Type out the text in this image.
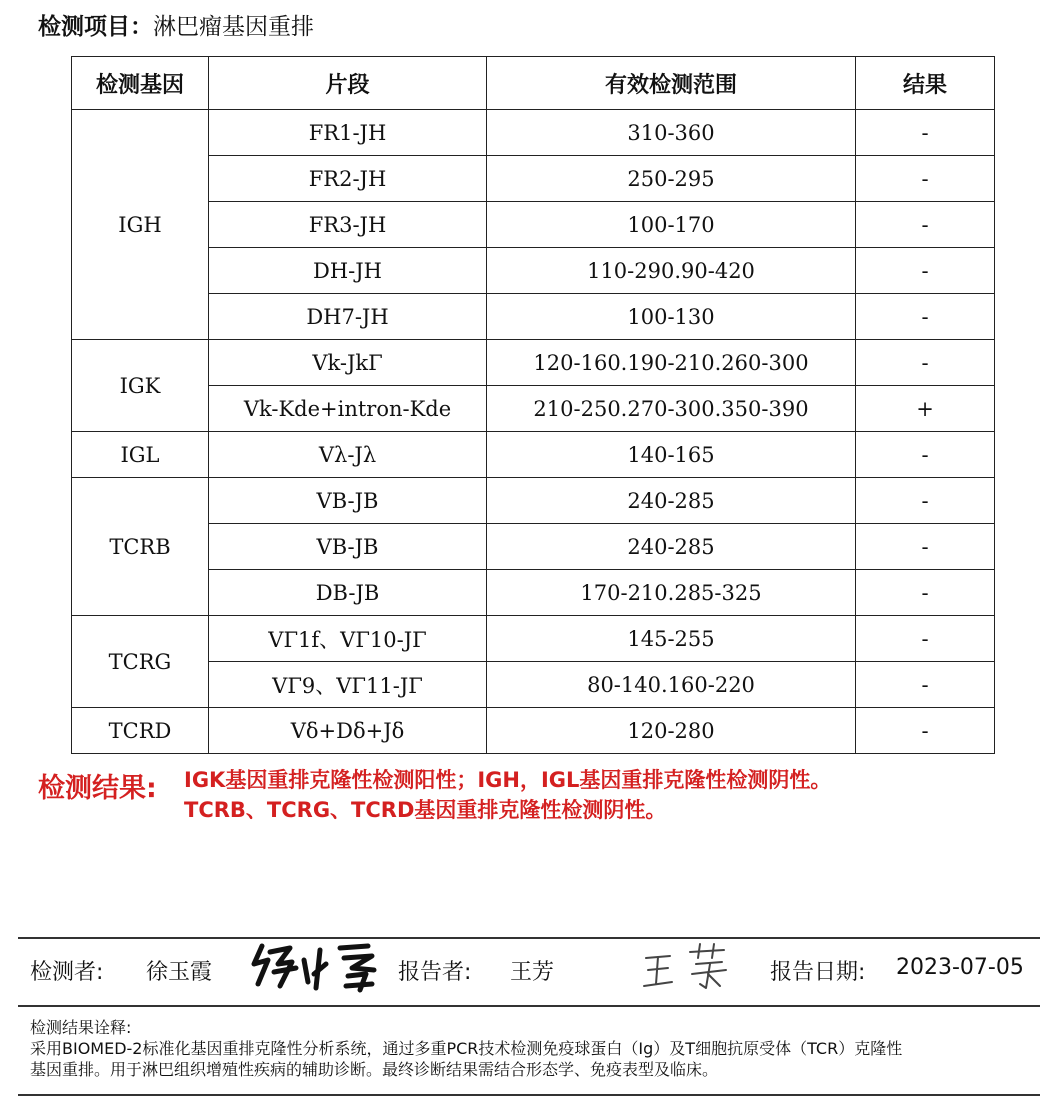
检测项目：淋巴瘤基因重排
检测基因	片段	有效检测范围	结果
IGH	FR1-JH	310-360	-
	FR2-JH	250-295	-
	FR3-JH	100-170	-
	DH-JH	110-290.90-420	-
	DH7-JH	100-130	-
IGK	Vk-JkΓ	120-160.190-210.260-300	-
	Vk-Kde+intron-Kde	210-250.270-300.350-390	+
IGL	Vλ-Jλ	140-165	-
TCRB	VB-JB	240-285	-
	VB-JB	240-285	-
	DB-JB	170-210.285-325	-
TCRG	VΓ1f、VΓ10-JΓ	145-255	-
	VΓ9、VΓ11-JΓ	80-140.160-220	-
TCRD	Vδ+Dδ+Jδ	120-280	-
检测结果: IGK基因重排克隆性检测阳性；IGH，IGL基因重排克隆性检测阴性。
TCRB、TCRG、TCRD基因重排克隆性检测阴性。
检测者: 徐玉霞	报告者: 王芳	报告日期: 2023-07-05
检测结果诠释:
采用BIOMED-2标准化基因重排克隆性分析系统，通过多重PCR技术检测免疫球蛋白（Ig）及T细胞抗原受体（TCR）克隆性
基因重排。用于淋巴组织增殖性疾病的辅助诊断。最终诊断结果需结合形态学、免疫表型及临床。
